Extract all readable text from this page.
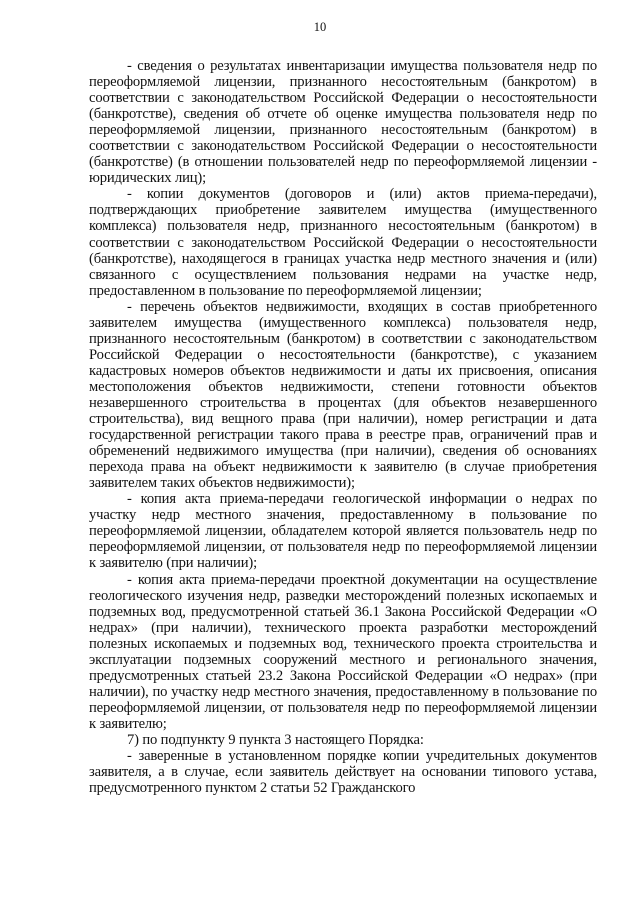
10

- сведения о результатах инвентаризации имущества пользователя недр по переоформляемой лицензии, признанного несостоятельным (банкротом) в соответствии с законодательством Российской Федерации о несостоятельности (банкротстве), сведения об отчете об оценке имущества пользователя недр по переоформляемой лицензии, признанного несостоятельным (банкротом) в соответствии с законодательством Российской Федерации о несостоятельности (банкротстве) (в отношении пользователей недр по переоформляемой лицензии - юридических лиц);

- копии документов (договоров и (или) актов приема-передачи), подтверждающих приобретение заявителем имущества (имущественного комплекса) пользователя недр, признанного несостоятельным (банкротом) в соответствии с законодательством Российской Федерации о несостоятельности (банкротстве), находящегося в границах участка недр местного значения и (или) связанного с осуществлением пользования недрами на участке недр, предоставленном в пользование по переоформляемой лицензии;

- перечень объектов недвижимости, входящих в состав приобретенного заявителем имущества (имущественного комплекса) пользователя недр, признанного несостоятельным (банкротом) в соответствии с законодательством Российской Федерации о несостоятельности (банкротстве), с указанием кадастровых номеров объектов недвижимости и даты их присвоения, описания местоположения объектов недвижимости, степени готовности объектов незавершенного строительства в процентах (для объектов незавершенного строительства), вид вещного права (при наличии), номер регистрации и дата государственной регистрации такого права в реестре прав, ограничений прав и обременений недвижимого имущества (при наличии), сведения об основаниях перехода права на объект недвижимости к заявителю (в случае приобретения заявителем таких объектов недвижимости);

- копия акта приема-передачи геологической информации о недрах по участку недр местного значения, предоставленному в пользование по переоформляемой лицензии, обладателем которой является пользователь недр по переоформляемой лицензии, от пользователя недр по переоформляемой лицензии к заявителю (при наличии);

- копия акта приема-передачи проектной документации на осуществление геологического изучения недр, разведки месторождений полезных ископаемых и подземных вод, предусмотренной статьей 36.1 Закона Российской Федерации «О недрах» (при наличии), технического проекта разработки месторождений полезных ископаемых и подземных вод, технического проекта строительства и эксплуатации подземных сооружений местного и регионального значения, предусмотренных статьей 23.2 Закона Российской Федерации «О недрах» (при наличии), по участку недр местного значения, предоставленному в пользование по переоформляемой лицензии, от пользователя недр по переоформляемой лицензии к заявителю;

7) по подпункту 9 пункта 3 настоящего Порядка:

- заверенные в установленном порядке копии учредительных документов заявителя, а в случае, если заявитель действует на основании типового устава, предусмотренного пунктом 2 статьи 52 Гражданского
